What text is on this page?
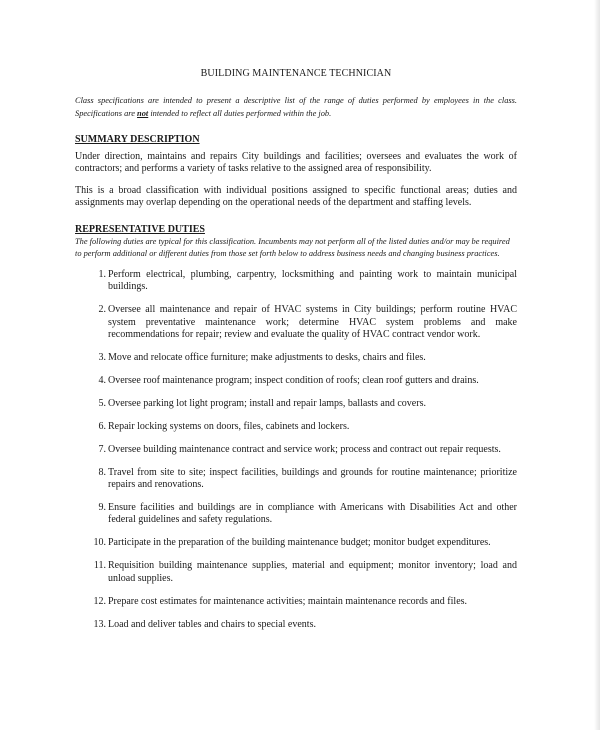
BUILDING MAINTENANCE TECHNICIAN
Class specifications are intended to present a descriptive list of the range of duties performed by employees in the class. Specifications are not intended to reflect all duties performed within the job.
SUMMARY DESCRIPTION

Under direction, maintains and repairs City buildings and facilities; oversees and evaluates the work of contractors; and performs a variety of tasks relative to the assigned area of responsibility.

This is a broad classification with individual positions assigned to specific functional areas; duties and assignments may overlap depending on the operational needs of the department and staffing levels.

REPRESENTATIVE DUTIES
The following duties are typical for this classification. Incumbents may not perform all of the listed duties and/or may be required to perform additional or different duties from those set forth below to address business needs and changing business practices.
1. Perform electrical, plumbing, carpentry, locksmithing and painting work to maintain municipal buildings.
2. Oversee all maintenance and repair of HVAC systems in City buildings; perform routine HVAC system preventative maintenance work; determine HVAC system problems and make recommendations for repair; review and evaluate the quality of HVAC contract vendor work.
3. Move and relocate office furniture; make adjustments to desks, chairs and files.
4. Oversee roof maintenance program; inspect condition of roofs; clean roof gutters and drains.
5. Oversee parking lot light program; install and repair lamps, ballasts and covers.
6. Repair locking systems on doors, files, cabinets and lockers.
7. Oversee building maintenance contract and service work; process and contract out repair requests.
8. Travel from site to site; inspect facilities, buildings and grounds for routine maintenance; prioritize repairs and renovations.
9. Ensure facilities and buildings are in compliance with Americans with Disabilities Act and other federal guidelines and safety regulations.
10. Participate in the preparation of the building maintenance budget; monitor budget expenditures.
11. Requisition building maintenance supplies, material and equipment; monitor inventory; load and unload supplies.
12. Prepare cost estimates for maintenance activities; maintain maintenance records and files.
13. Load and deliver tables and chairs to special events.
